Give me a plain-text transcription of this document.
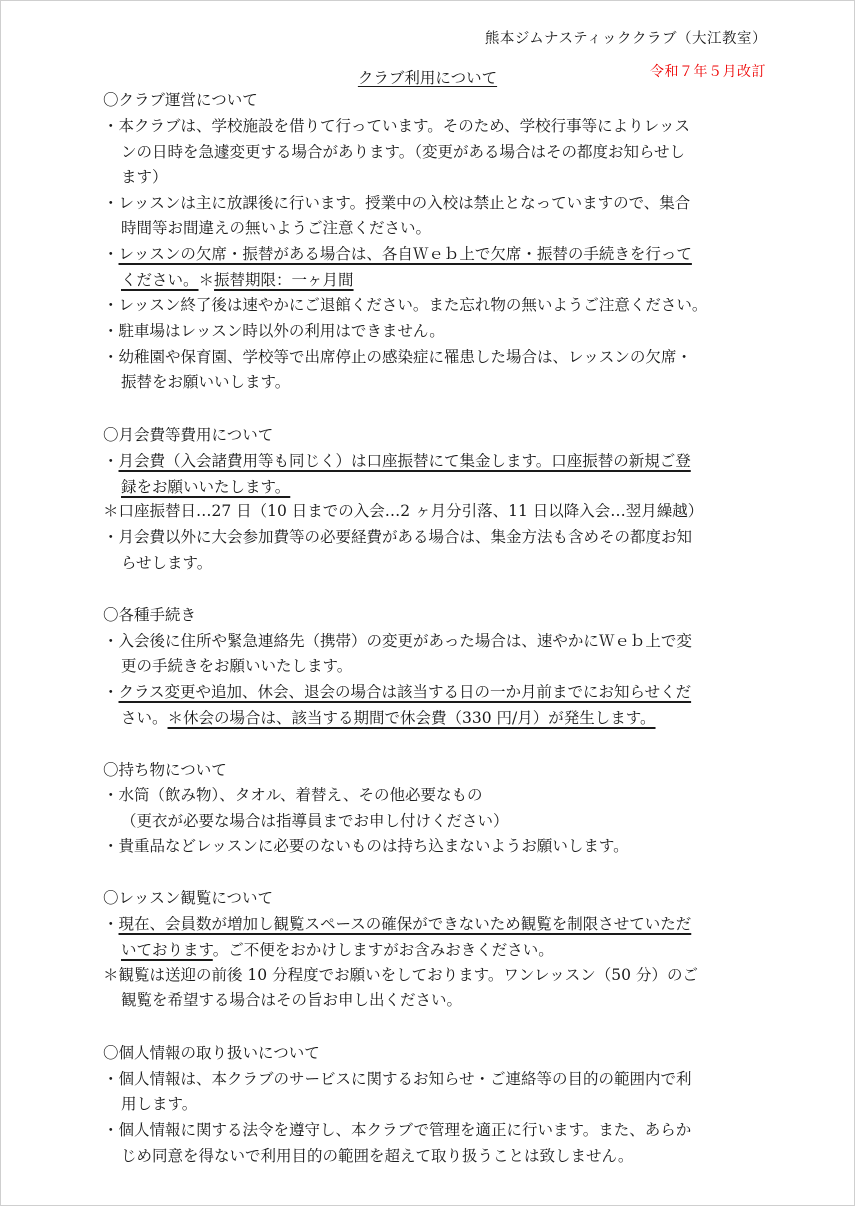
熊本ジムナスティッククラブ（大江教室）
令和７年５月改訂
クラブ利用について
〇クラブ運営について
・本クラブは、学校施設を借りて行っています。そのため、学校行事等によりレッス
ンの日時を急遽変更する場合があります。（変更がある場合はその都度お知らせし
ます）
・レッスンは主に放課後に行います。授業中の入校は禁止となっていますので、集合
時間等お間違えの無いようご注意ください。
・レッスンの欠席・振替がある場合は、各自Ｗｅｂ上で欠席・振替の手続きを行って
ください。＊振替期限：一ヶ月間
・レッスン終了後は速やかにご退館ください。また忘れ物の無いようご注意ください。
・駐車場はレッスン時以外の利用はできません。
・幼稚園や保育園、学校等で出席停止の感染症に罹患した場合は、レッスンの欠席・
振替をお願いいします。
〇月会費等費用について
・月会費（入会諸費用等も同じく）は口座振替にて集金します。口座振替の新規ご登
録をお願いいたします。
＊口座振替日…27 日（10 日までの入会…2 ヶ月分引落、11 日以降入会…翌月繰越）
・月会費以外に大会参加費等の必要経費がある場合は、集金方法も含めその都度お知
らせします。
〇各種手続き
・入会後に住所や緊急連絡先（携帯）の変更があった場合は、速やかにＷｅｂ上で変
更の手続きをお願いいたします。
・クラス変更や追加、休会、退会の場合は該当する日の一か月前までにお知らせくだ
さい。＊休会の場合は、該当する期間で休会費（330 円/月）が発生します。
〇持ち物について
・水筒（飲み物）、タオル、着替え、その他必要なもの
（更衣が必要な場合は指導員までお申し付けください）
・貴重品などレッスンに必要のないものは持ち込まないようお願いします。
〇レッスン観覧について
・現在、会員数が増加し観覧スペースの確保ができないため観覧を制限させていただ
いております。ご不便をおかけしますがお含みおきください。
＊観覧は送迎の前後 10 分程度でお願いをしております。ワンレッスン（50 分）のご
観覧を希望する場合はその旨お申し出ください。
〇個人情報の取り扱いについて
・個人情報は、本クラブのサービスに関するお知らせ・ご連絡等の目的の範囲内で利
用します。
・個人情報に関する法令を遵守し、本クラブで管理を適正に行います。また、あらか
じめ同意を得ないで利用目的の範囲を超えて取り扱うことは致しません。
